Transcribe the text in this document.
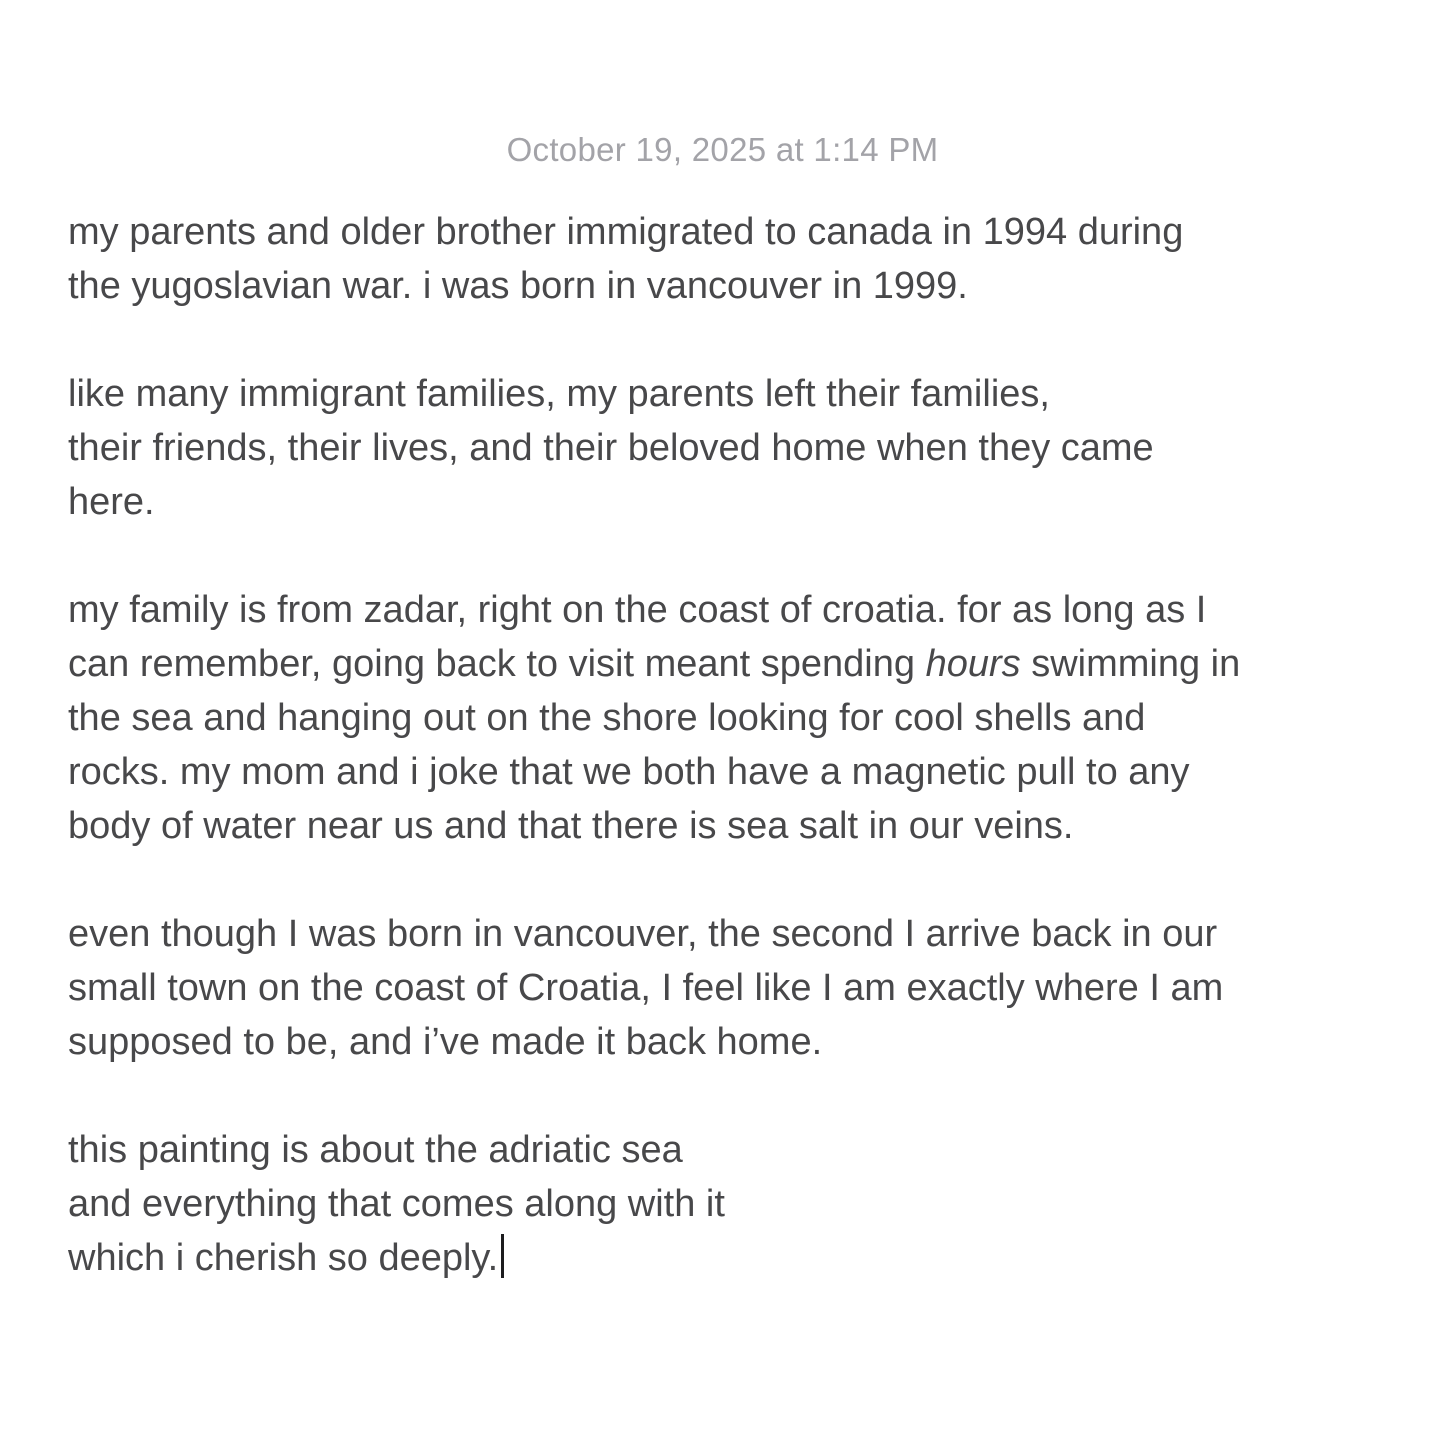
October 19, 2025 at 1:14 PM
my parents and older brother immigrated to canada in 1994 during
the yugoslavian war. i was born in vancouver in 1999.
like many immigrant families, my parents left their families,
their friends, their lives, and their beloved home when they came
here.
my family is from zadar, right on the coast of croatia. for as long as I
can remember, going back to visit meant spending hours swimming in
the sea and hanging out on the shore looking for cool shells and
rocks. my mom and i joke that we both have a magnetic pull to any
body of water near us and that there is sea salt in our veins.
even though I was born in vancouver, the second I arrive back in our
small town on the coast of Croatia, I feel like I am exactly where I am
supposed to be, and i’ve made it back home.
this painting is about the adriatic sea
and everything that comes along with it
which i cherish so deeply.
